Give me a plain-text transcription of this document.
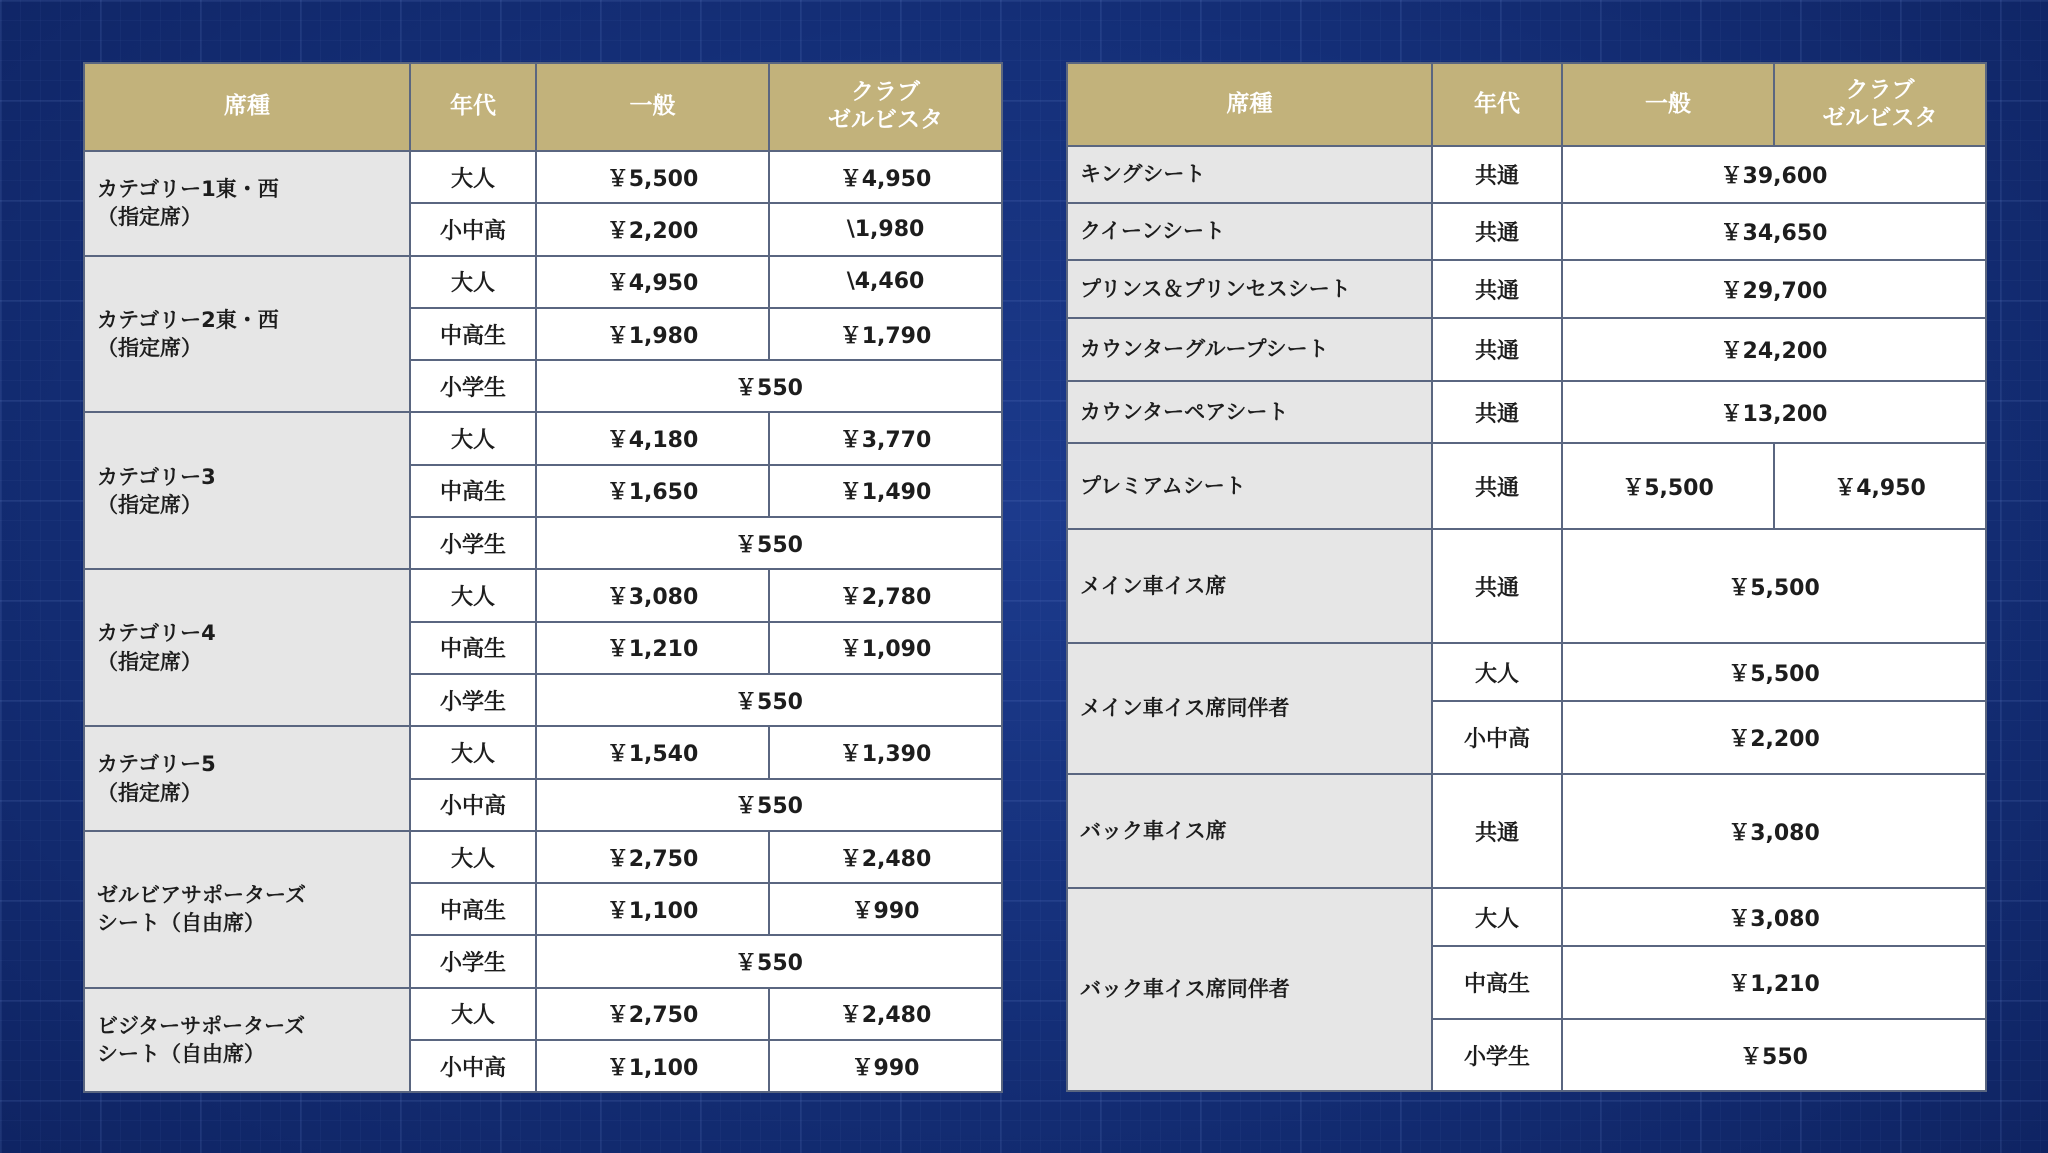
席種	年代	一般	クラブ
ゼルビスタ

カテゴリー1東・西
（指定席）	大人	￥5,500	￥4,950
	小中高	￥2,200	\1,980

カテゴリー2東・西
（指定席）	大人	￥4,950	\4,460
	中高生	￥1,980	￥1,790
	小学生	￥550	

カテゴリー3
（指定席）	大人	￥4,180	￥3,770
	中高生	￥1,650	￥1,490
	小学生	￥550	

カテゴリー4
（指定席）	大人	￥3,080	￥2,780
	中高生	￥1,210	￥1,090
	小学生	￥550	

カテゴリー5
（指定席）	大人	￥1,540	￥1,390
	小中高	￥550	

ゼルビアサポーターズ
シート（自由席）	大人	￥2,750	￥2,480
	中高生	￥1,100	￥990
	小学生	￥550	

ビジターサポーターズ
シート（自由席）	大人	￥2,750	￥2,480
	小中高	￥1,100	￥990
席種	年代	一般	クラブ
ゼルビスタ

キングシート	共通	￥39,600	
クイーンシート	共通	￥34,650	
プリンス＆プリンセスシート	共通	￥29,700	
カウンターグループシート	共通	￥24,200	
カウンターペアシート	共通	￥13,200	
プレミアムシート	共通	￥5,500	￥4,950
メイン車イス席	共通	￥5,500	
メイン車イス席同伴者	大人	￥5,500	
	小中高	￥2,200	
バック車イス席	共通	￥3,080	
バック車イス席同伴者	大人	￥3,080	
	中高生	￥1,210	
	小学生	￥550	
